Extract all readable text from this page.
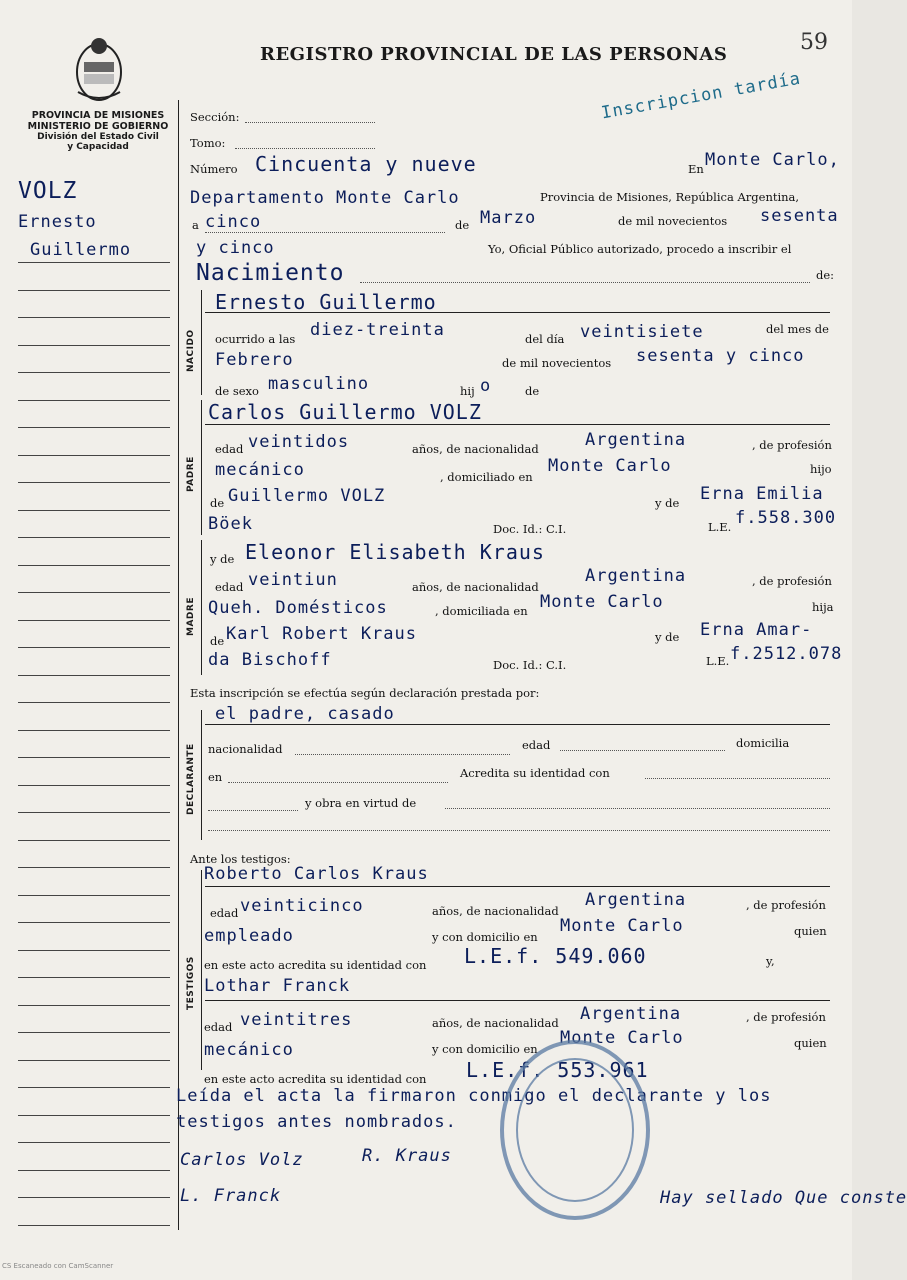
REGISTRO PROVINCIAL DE LAS PERSONAS	59
Inscripcion tardía
PROVINCIA DE MISIONES
MINISTERIO DE GOBIERNO
División del Estado Civil
y Capacidad
VOLZ
Ernesto
Guillermo
NACIDO
PADRE
MADRE
DECLARANTE
TESTIGOS
Sección:
Tomo:
Número Cincuenta y nueve	En Monte Carlo,
Departamento Monte Carlo	Provincia de Misiones, República Argentina,
a cinco	de Marzo	de mil novecientos sesenta
y cinco	Yo, Oficial Público autorizado, procedo a inscribir el
Nacimiento	de:
Ernesto Guillermo
ocurrido a las diez-treinta	del día veintisiete	del mes de
Febrero	de mil novecientos sesenta y cinco
de sexo masculino	hij o	de
Carlos Guillermo VOLZ
edad veintidos	años, de nacionalidad	Argentina	, de profesión
mecánico	, domiciliado en
Monte Carlo	hijo
de Guillermo VOLZ	y de Erna Emilia
Böek	Doc. Id.: C.I.	L.E. f.558.300
y de Eleonor Elisabeth Kraus
edad veintiun	años, de nacionalidad
Argentina	, de profesión
Queh. Domésticos	, domiciliada en Monte Carlo	hija
de Karl Robert Kraus	y de Erna Amar-
da Bischoff	Doc. Id.: C.I.	L.E. f.2512.078
Esta inscripción se efectúa según declaración prestada por:
el padre, casado
nacionalidad	edad	domicilia
en	Acredita su identidad con
y obra en virtud de
Ante los testigos:
Roberto Carlos Kraus
edad veinticinco	años, de nacionalidad
Argentina	, de profesión
empleado	y con domicilio en
Monte Carlo	quien
en este acto acredita su identidad con L.E.f. 549.060	y,
Lothar Franck
edad veintitres	años, de nacionalidad Argentina	, de profesión
mecánico	y con domicilio en
Monte Carlo	quien
en este acto acredita su identidad con L.E.f. 553.961
Leída el acta la firmaron conmigo el declarante y los
testigos antes nombrados.
Carlos Volz	R. Kraus
L. Franck	Hay sellado Que conste
CS Escaneado con CamScanner
